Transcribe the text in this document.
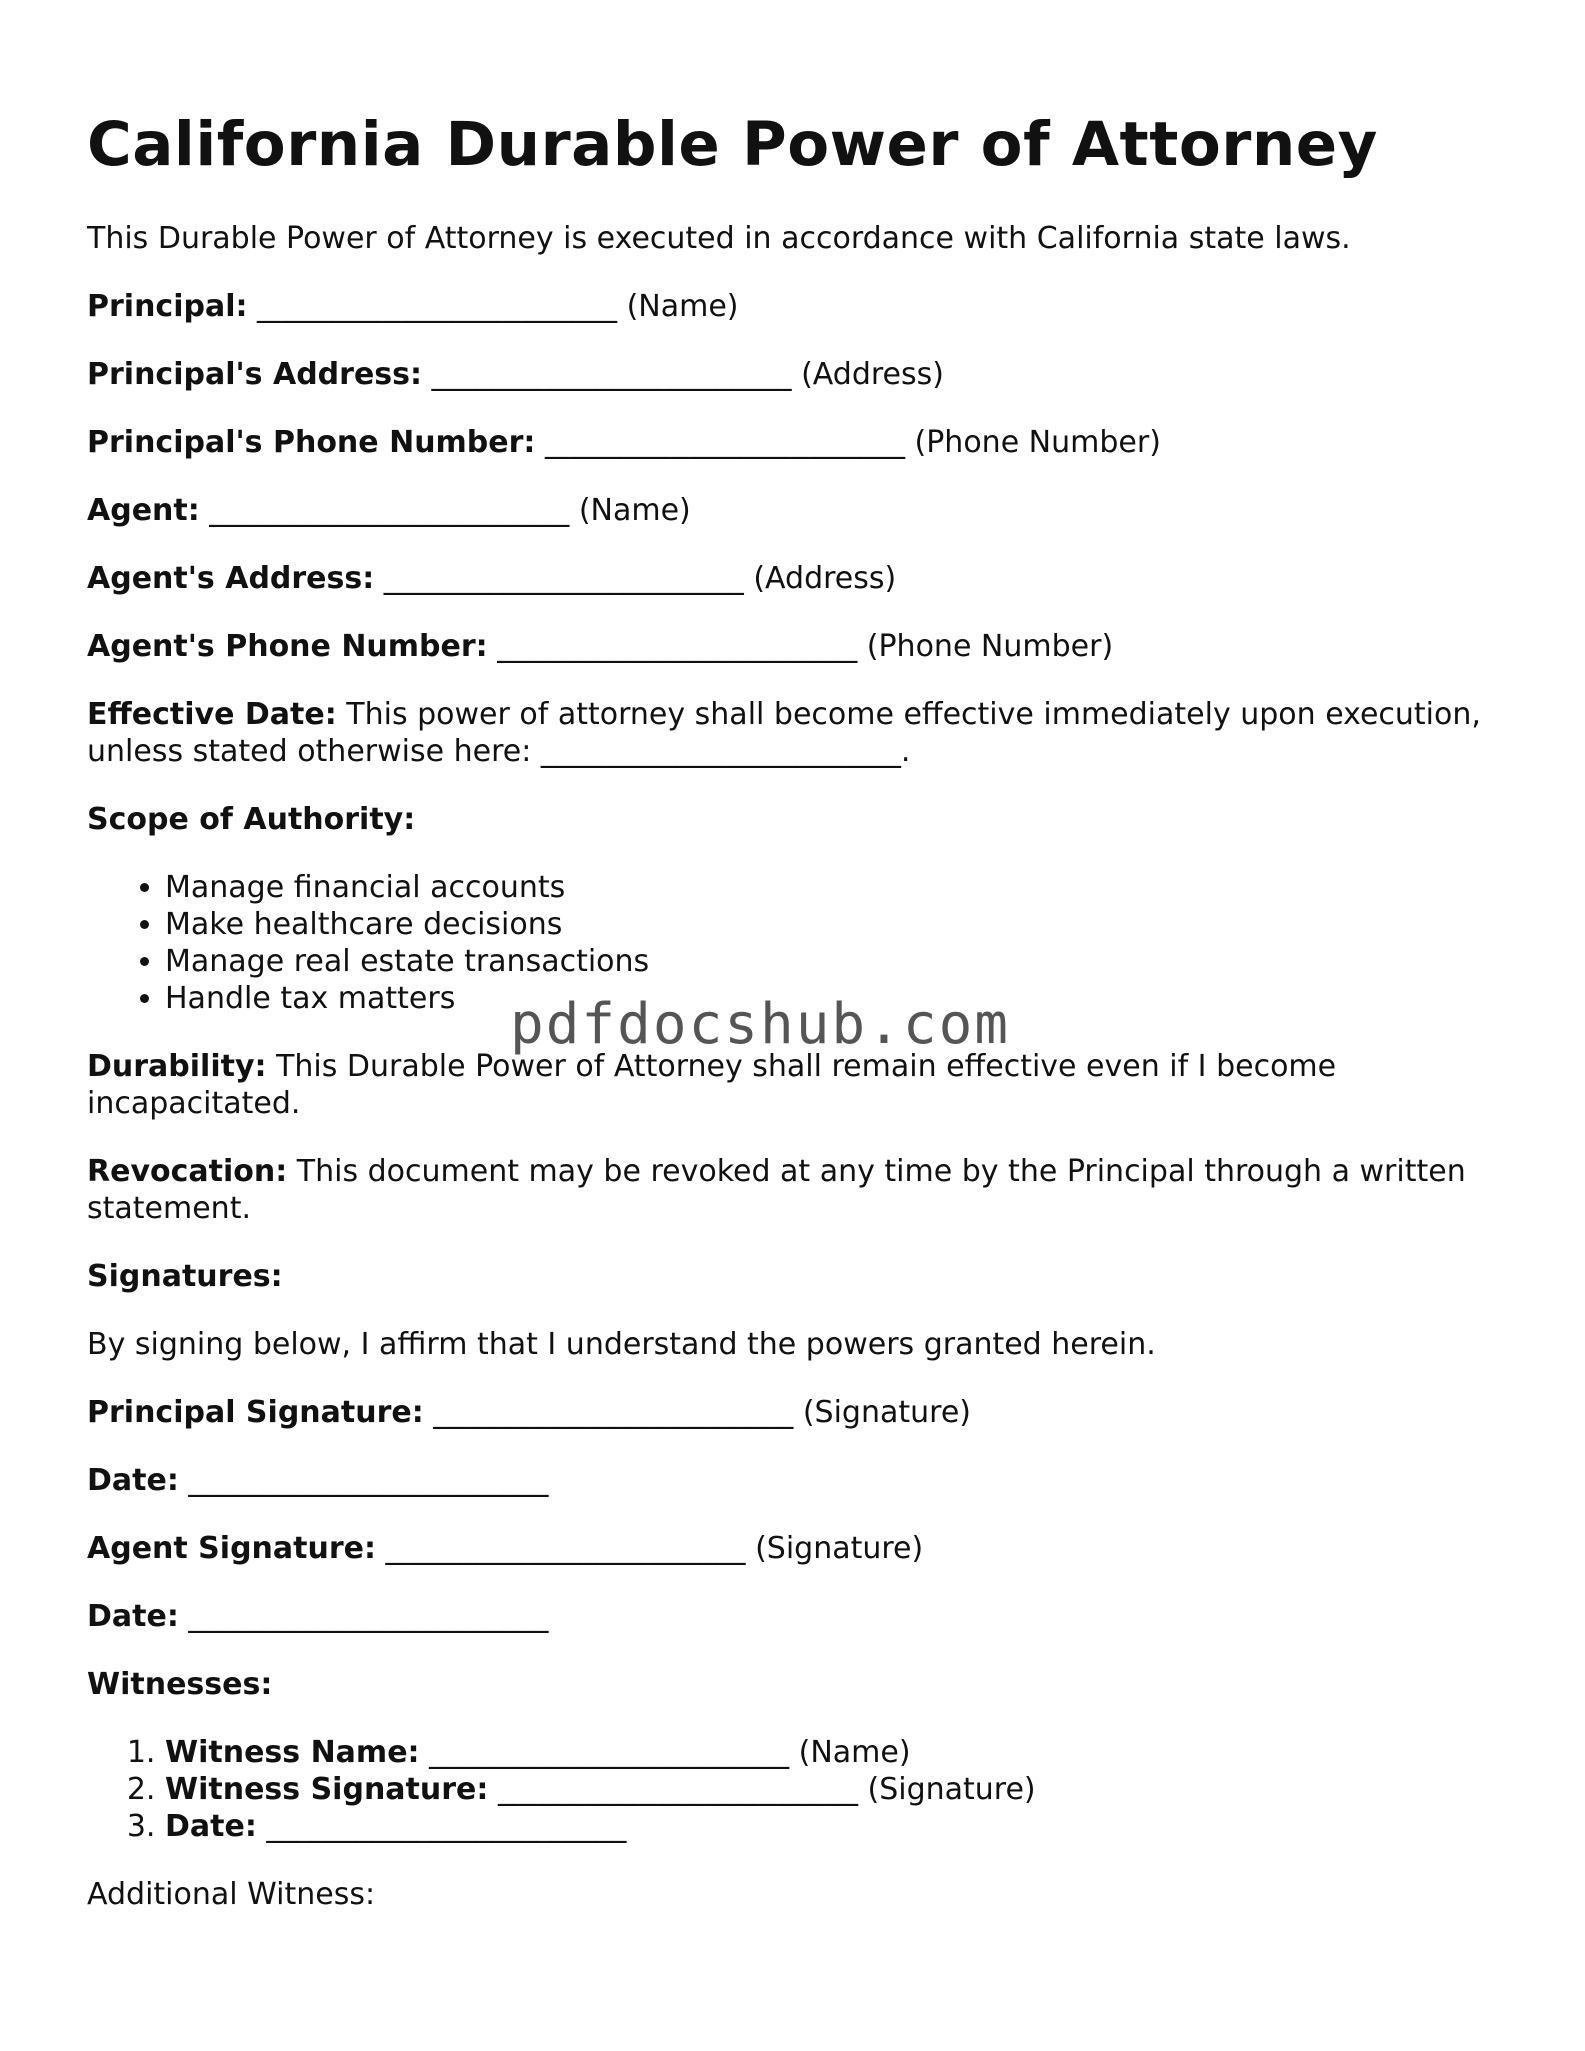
California Durable Power of Attorney

This Durable Power of Attorney is executed in accordance with California state laws.

Principal: ________________________ (Name)

Principal's Address: ________________________ (Address)

Principal's Phone Number: ________________________ (Phone Number)

Agent: ________________________ (Name)

Agent's Address: ________________________ (Address)

Agent's Phone Number: ________________________ (Phone Number)

Effective Date: This power of attorney shall become effective immediately upon execution, unless stated otherwise here: ________________________.

Scope of Authority:

• Manage financial accounts
• Make healthcare decisions
• Manage real estate transactions
• Handle tax matters

Durability: This Durable Power of Attorney shall remain effective even if I become incapacitated.

Revocation: This document may be revoked at any time by the Principal through a written statement.

Signatures:

By signing below, I affirm that I understand the powers granted herein.

Principal Signature: ________________________ (Signature)

Date: ________________________

Agent Signature: ________________________ (Signature)

Date: ________________________

Witnesses:

1. Witness Name: ________________________ (Name)
2. Witness Signature: ________________________ (Signature)
3. Date: ________________________

Additional Witness:

pdfdocshub.com
